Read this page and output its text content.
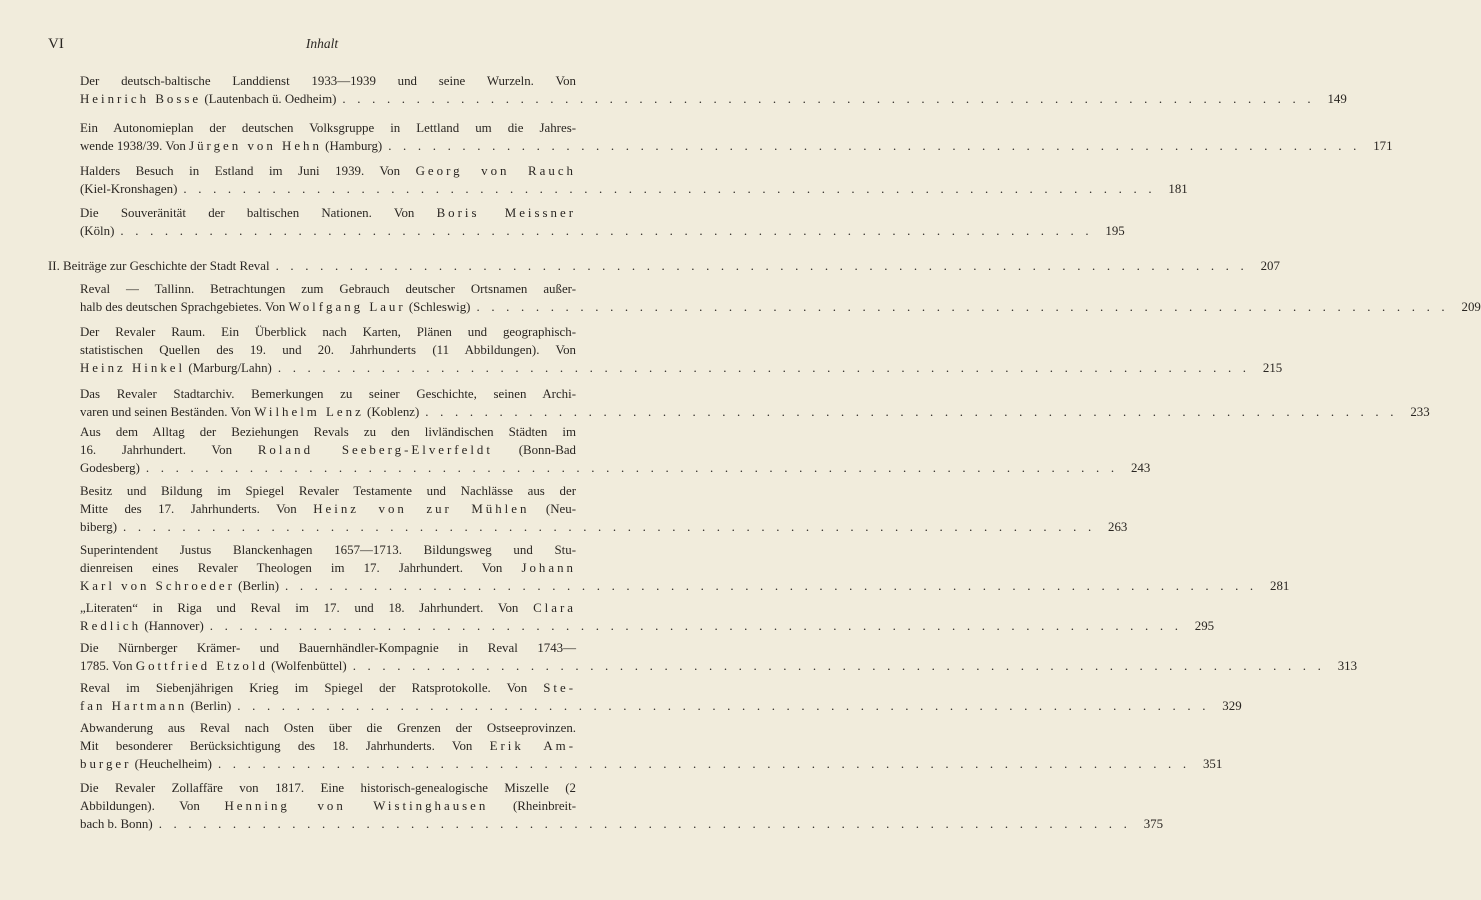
VI	Inhalt
Der deutsch-baltische Landdienst 1933—1939 und seine Wurzeln. Von
Heinrich Bosse (Lautenbach ü. Oedheim) . . . . . . . . . . . . . . . . . . . . . . . . . . . . . . . . . . . . . . . . . . . . . . . . . . . . . . . . . . . . . . . . . . 149
Ein Autonomieplan der deutschen Volksgruppe in Lettland um die Jahres-
wende 1938/39. Von Jürgen von Hehn (Hamburg) . . . . . . . . . . . . . . . . . . . . . . . . . . . . . . . . . . . . . . . . . . . . . . . . . . . . . . . . . . . . . . . . . . 171
Halders Besuch in Estland im Juni 1939. Von Georg von Rauch
(Kiel-Kronshagen) . . . . . . . . . . . . . . . . . . . . . . . . . . . . . . . . . . . . . . . . . . . . . . . . . . . . . . . . . . . . . . . . . . 181
Die Souveränität der baltischen Nationen. Von Boris Meissner
(Köln) . . . . . . . . . . . . . . . . . . . . . . . . . . . . . . . . . . . . . . . . . . . . . . . . . . . . . . . . . . . . . . . . . . 195
II. Beiträge zur Geschichte der Stadt Reval . . . . . . . . . . . . . . . . . . . . . . . . . . . . . . . . . . . . . . . . . . . . . . . . . . . . . . . . . . . . . . . . . . 207
Reval — Tallinn. Betrachtungen zum Gebrauch deutscher Ortsnamen außer-
halb des deutschen Sprachgebietes. Von Wolfgang Laur (Schleswig) . . . . . . . . . . . . . . . . . . . . . . . . . . . . . . . . . . . . . . . . . . . . . . . . . . . . . . . . . . . . . . . . . . 209
Der Revaler Raum. Ein Überblick nach Karten, Plänen und geographisch-
statistischen Quellen des 19. und 20. Jahrhunderts (11 Abbildungen). Von
Heinz Hinkel (Marburg/Lahn) . . . . . . . . . . . . . . . . . . . . . . . . . . . . . . . . . . . . . . . . . . . . . . . . . . . . . . . . . . . . . . . . . . 215
Das Revaler Stadtarchiv. Bemerkungen zu seiner Geschichte, seinen Archi-
varen und seinen Beständen. Von Wilhelm Lenz (Koblenz) . . . . . . . . . . . . . . . . . . . . . . . . . . . . . . . . . . . . . . . . . . . . . . . . . . . . . . . . . . . . . . . . . . 233
Aus dem Alltag der Beziehungen Revals zu den livländischen Städten im
16. Jahrhundert. Von Roland Seeberg-Elverfeldt (Bonn-Bad
Godesberg) . . . . . . . . . . . . . . . . . . . . . . . . . . . . . . . . . . . . . . . . . . . . . . . . . . . . . . . . . . . . . . . . . . 243
Besitz und Bildung im Spiegel Revaler Testamente und Nachlässe aus der
Mitte des 17. Jahrhunderts. Von Heinz von zur Mühlen (Neu-
biberg) . . . . . . . . . . . . . . . . . . . . . . . . . . . . . . . . . . . . . . . . . . . . . . . . . . . . . . . . . . . . . . . . . . 263
Superintendent Justus Blanckenhagen 1657—1713. Bildungsweg und Stu-
dienreisen eines Revaler Theologen im 17. Jahrhundert. Von Johann
Karl von Schroeder (Berlin) . . . . . . . . . . . . . . . . . . . . . . . . . . . . . . . . . . . . . . . . . . . . . . . . . . . . . . . . . . . . . . . . . . 281
„Literaten“ in Riga und Reval im 17. und 18. Jahrhundert. Von Clara
Redlich (Hannover) . . . . . . . . . . . . . . . . . . . . . . . . . . . . . . . . . . . . . . . . . . . . . . . . . . . . . . . . . . . . . . . . . . 295
Die Nürnberger Krämer- und Bauernhändler-Kompagnie in Reval 1743—
1785. Von Gottfried Etzold (Wolfenbüttel) . . . . . . . . . . . . . . . . . . . . . . . . . . . . . . . . . . . . . . . . . . . . . . . . . . . . . . . . . . . . . . . . . . 313
Reval im Siebenjährigen Krieg im Spiegel der Ratsprotokolle. Von Ste-
fan Hartmann (Berlin) . . . . . . . . . . . . . . . . . . . . . . . . . . . . . . . . . . . . . . . . . . . . . . . . . . . . . . . . . . . . . . . . . . 329
Abwanderung aus Reval nach Osten über die Grenzen der Ostseeprovinzen.
Mit besonderer Berücksichtigung des 18. Jahrhunderts. Von Erik Am-
burger (Heuchelheim) . . . . . . . . . . . . . . . . . . . . . . . . . . . . . . . . . . . . . . . . . . . . . . . . . . . . . . . . . . . . . . . . . . 351
Die Revaler Zollaffäre von 1817. Eine historisch-genealogische Miszelle (2
Abbildungen). Von Henning von Wistinghausen (Rheinbreit-
bach b. Bonn) . . . . . . . . . . . . . . . . . . . . . . . . . . . . . . . . . . . . . . . . . . . . . . . . . . . . . . . . . . . . . . . . . . 375
